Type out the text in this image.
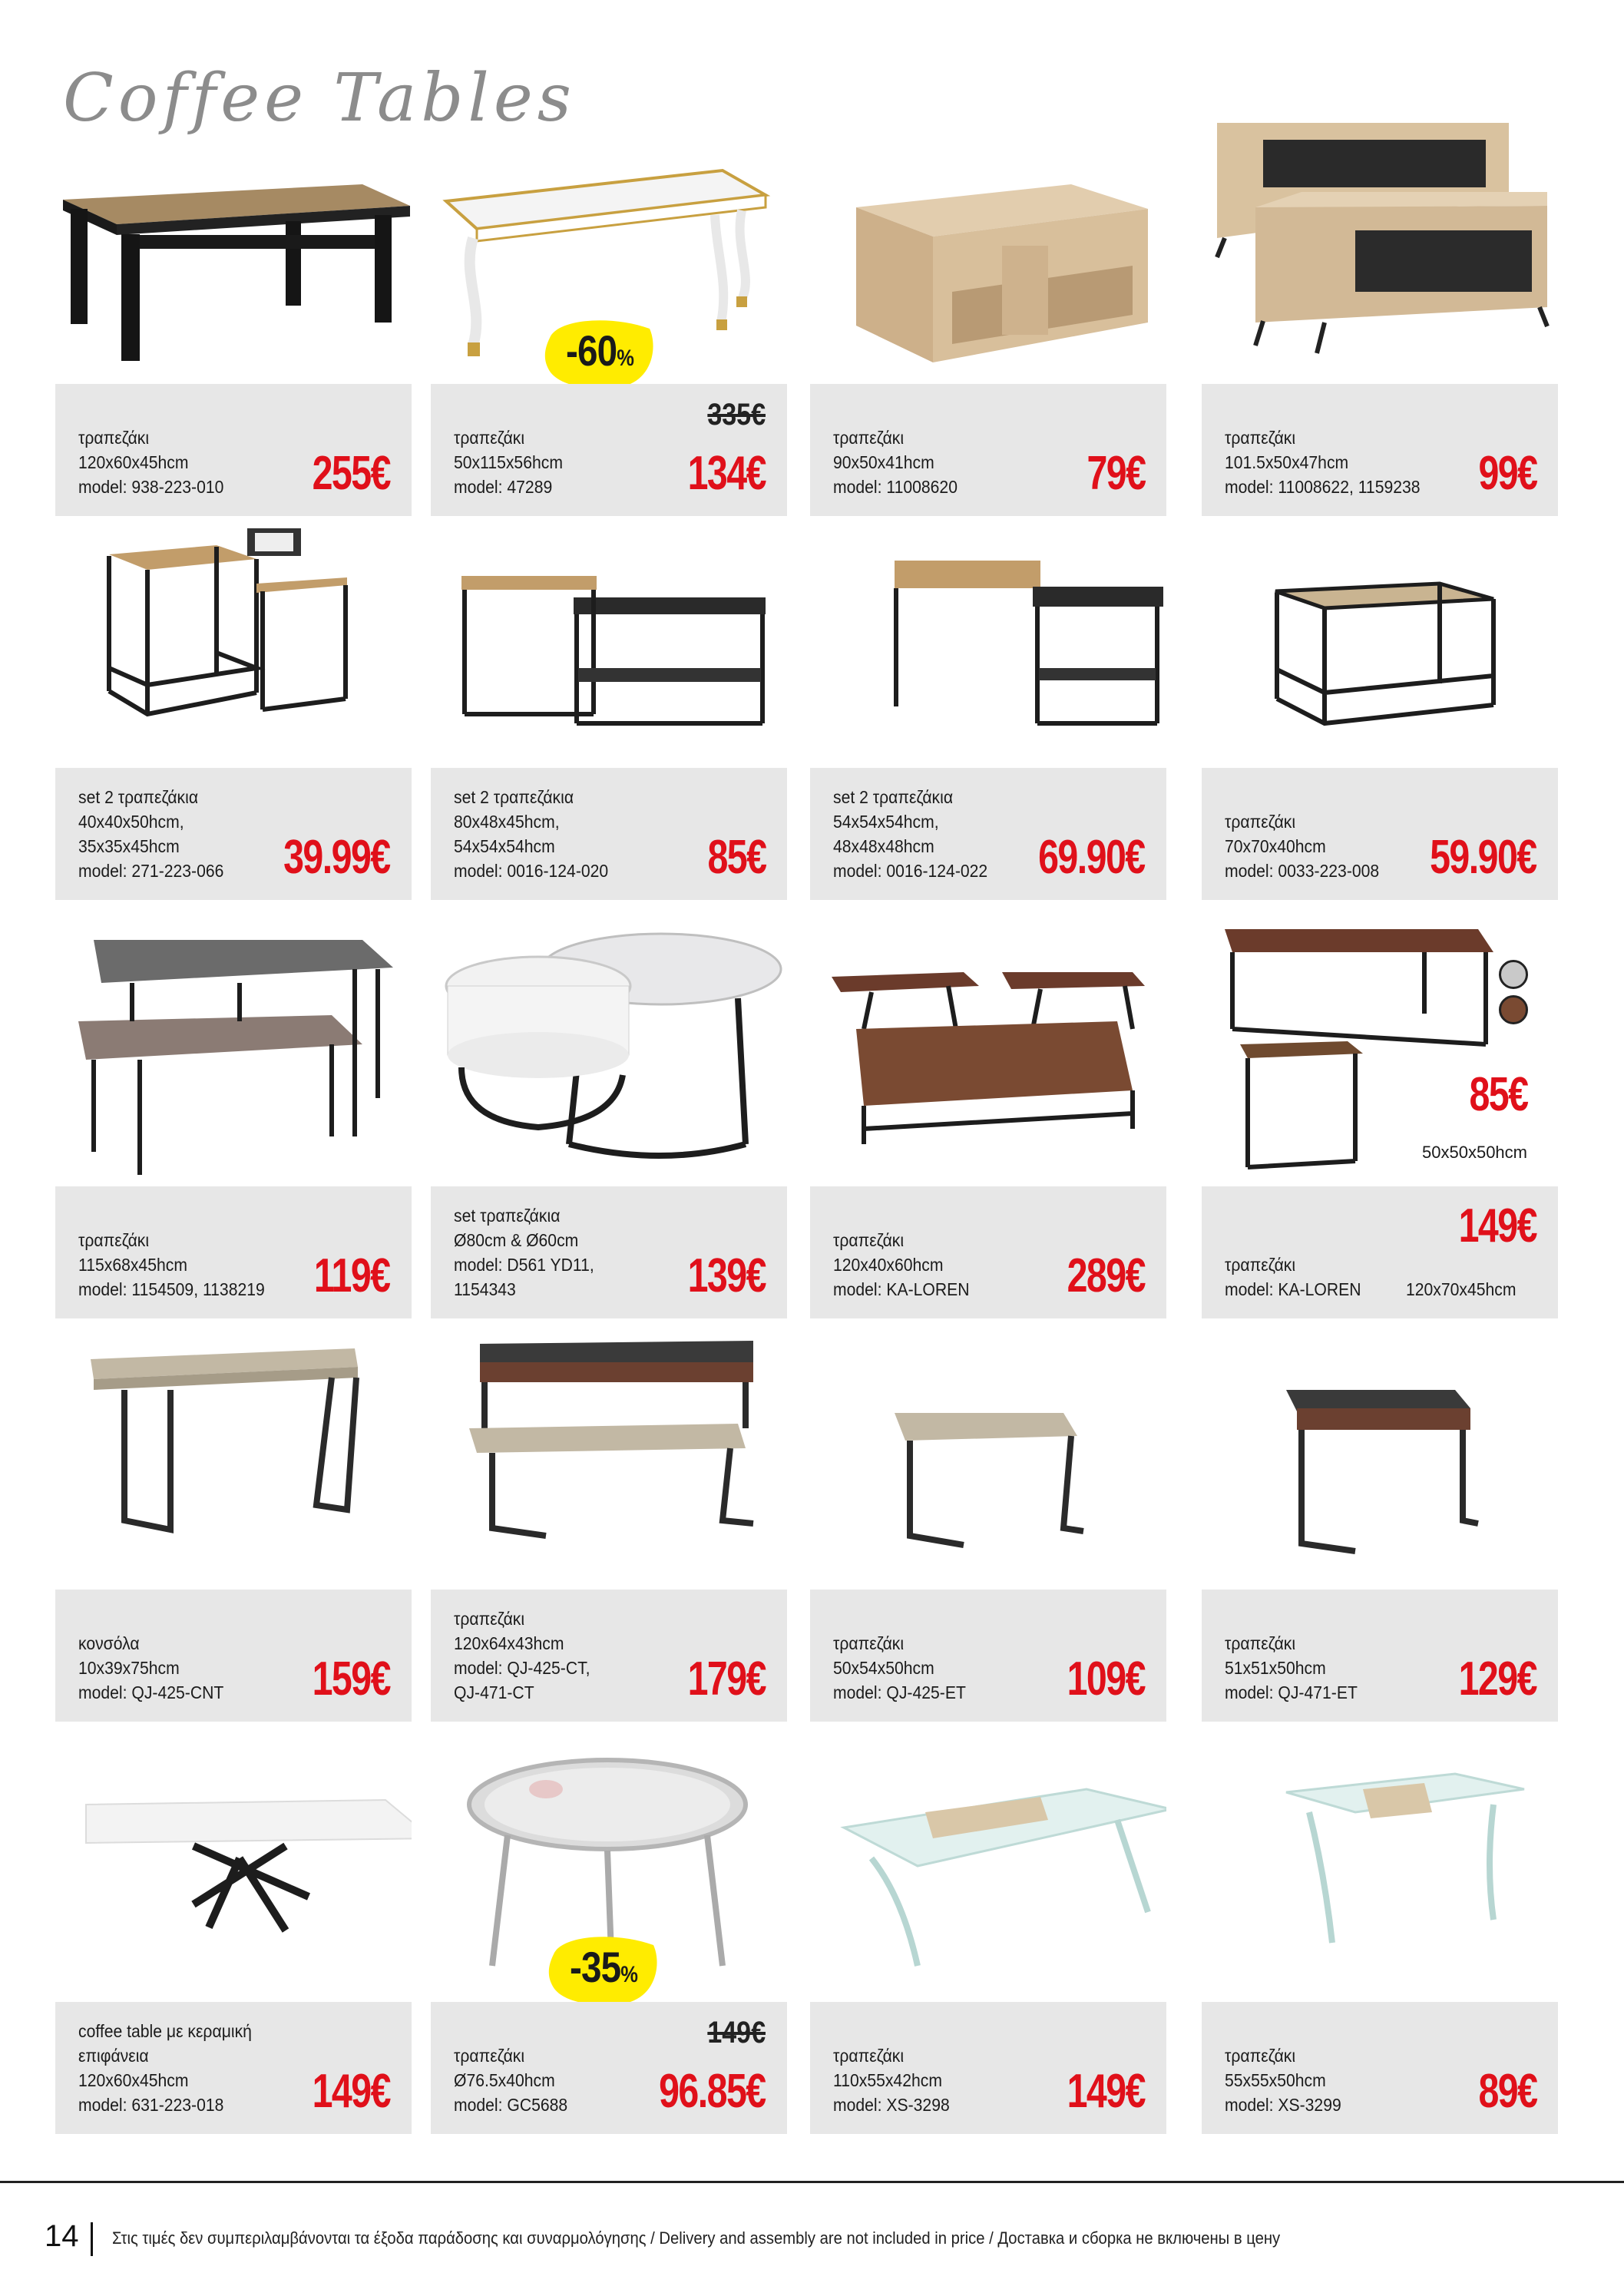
Coffee Tables
τραπεζάκι
120x60x45hcm
model: 938-223-010	255€
-60%
335€
τραπεζάκι
50x115x56hcm
model: 47289	134€
τραπεζάκι
90x50x41hcm
model: 11008620	79€
τραπεζάκι
101.5x50x47hcm
model: 11008622, 1159238 99€
set 2 τραπεζάκια
40x40x50hcm,
35x35x45hcm
model: 271-223-066	39.99€
set 2 τραπεζάκια
80x48x45hcm,
54x54x54hcm
model: 0016-124-020	85€
set 2 τραπεζάκια
54x54x54hcm,
48x48x48hcm
model: 0016-124-022	69.90€
τραπεζάκι
70x70x40hcm
model: 0033-223-008	59.90€
τραπεζάκι
115x68x45hcm
model: 1154509, 1138219 119€
set τραπεζάκια
Ø80cm & Ø60cm
model: D561 YD11,
1154343	139€
τραπεζάκι
120x40x60hcm
model: KA-LOREN	289€
85€
50x50x50hcm
τραπεζάκι
model: KA-LOREN	120x70x45hcm
149€
κονσόλα
10x39x75hcm
model: QJ-425-CNT	159€
τραπεζάκι
120x64x43hcm
model: QJ-425-CT,
QJ-471-CT	179€
τραπεζάκι
50x54x50hcm
model: QJ-425-ET	109€
τραπεζάκι
51x51x50hcm
model: QJ-471-ET	129€
coffee table με κεραμική
επιφάνεια
120x60x45hcm
model: 631-223-018	149€
-35%
149€
τραπεζάκι
Ø76.5x40hcm
model: GC5688	96.85€
τραπεζάκι
110x55x42hcm
model: XS-3298	149€
τραπεζάκι
55x55x50hcm
model: XS-3299	89€
14 Στις τιμές δεν συμπεριλαμβάνονται τα έξοδα παράδοσης και συναρμολόγησης / Delivery and assembly are not included in price / Доставка и сборка не включены в цену
